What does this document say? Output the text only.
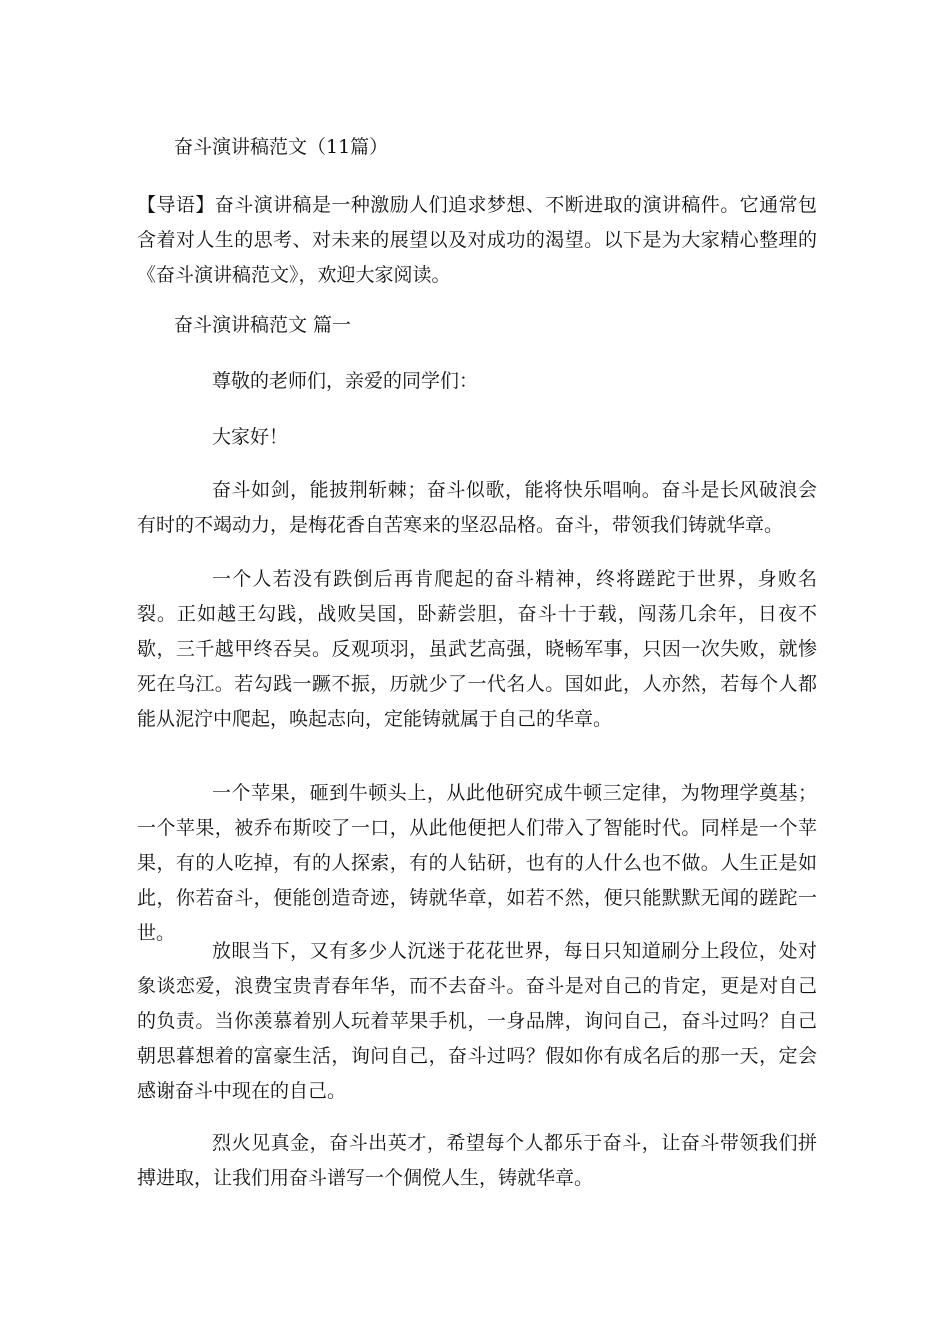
奋斗演讲稿范文（11篇）
【导语】奋斗演讲稿是一种激励人们追求梦想、不断进取的演讲稿件。它通常包含着对人生的思考、对未来的展望以及对成功的渴望。以下是为大家精心整理的《奋斗演讲稿范文》，欢迎大家阅读。
奋斗演讲稿范文 篇一
尊敬的老师们，亲爱的同学们：
大家好！
奋斗如剑，能披荆斩棘；奋斗似歌，能将快乐唱响。奋斗是长风破浪会有时的不竭动力，是梅花香自苦寒来的坚忍品格。奋斗，带领我们铸就华章。
一个人若没有跌倒后再肯爬起的奋斗精神，终将蹉跎于世界，身败名裂。正如越王勾践，战败吴国，卧薪尝胆，奋斗十于载，闯荡几余年，日夜不歇，三千越甲终吞吴。反观项羽，虽武艺高强，晓畅军事，只因一次失败，就惨死在乌江。若勾践一蹶不振，历就少了一代名人。国如此，人亦然，若每个人都能从泥泞中爬起，唤起志向，定能铸就属于自己的华章。
一个苹果，砸到牛顿头上，从此他研究成牛顿三定律，为物理学奠基；一个苹果，被乔布斯咬了一口，从此他便把人们带入了智能时代。同样是一个苹果，有的人吃掉，有的人探索，有的人钻研，也有的人什么也不做。人生正是如此，你若奋斗，便能创造奇迹，铸就华章，如若不然，便只能默默无闻的蹉跎一世。
放眼当下，又有多少人沉迷于花花世界，每日只知道刷分上段位，处对象谈恋爱，浪费宝贵青春年华，而不去奋斗。奋斗是对自己的肯定，更是对自己的负责。当你羡慕着别人玩着苹果手机，一身品牌，询问自己，奋斗过吗？自己朝思暮想着的富豪生活，询问自己，奋斗过吗？假如你有成名后的那一天，定会感谢奋斗中现在的自己。
烈火见真金，奋斗出英才，希望每个人都乐于奋斗，让奋斗带领我们拼搏进取，让我们用奋斗谱写一个倜傥人生，铸就华章。
